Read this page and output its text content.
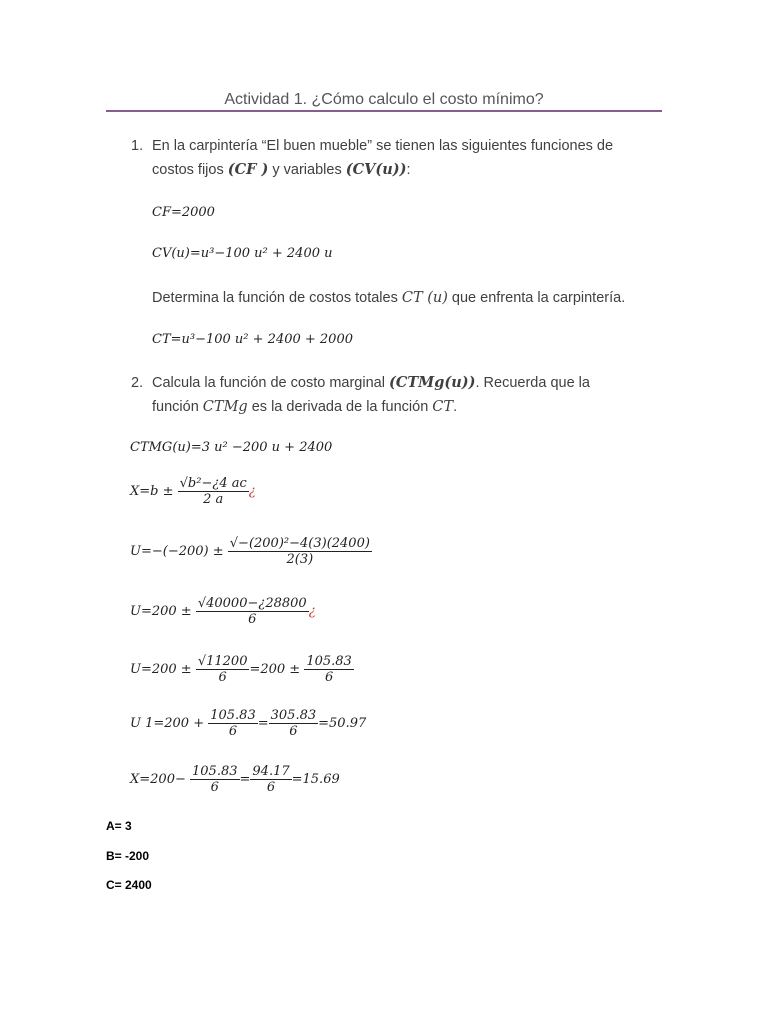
Actividad 1. ¿Cómo calculo el costo mínimo?
1. En la carpintería “El buen mueble” se tienen las siguientes funciones de
costos fijos (CF ) y variables (CV(u)):
CF=2000
CV(u)=u³−100 u² + 2400 u
Determina la función de costos totales CT (u) que enfrenta la carpintería.
CT=u³−100 u² + 2400 + 2000
2. Calcula la función de costo marginal (CTMg(u)). Recuerda que la
función CTMg es la derivada de la función CT.
CTMG(u)=3 u² −200 u + 2400
$X=b \pm \frac{\text{√b²−¿4 ac}}{2 a}$ ¿
$U=-(-200) \pm \frac{\text{√−(200)²−4(3)(2400)}}{2(3)}$
$U=200 \pm \frac{√40000-¿28800}{6}$ ¿
$U=200 \pm \frac{√11200}{6} =200 \pm \frac{105.83}{6}$
U $1=200 + \frac{105.83}{6} = \frac{305.83}{6} =50.97$
$X=200- \frac{105.83}{6} = \frac{94.17}{6} =15.69$
A= 3
B= -200
C= 2400
